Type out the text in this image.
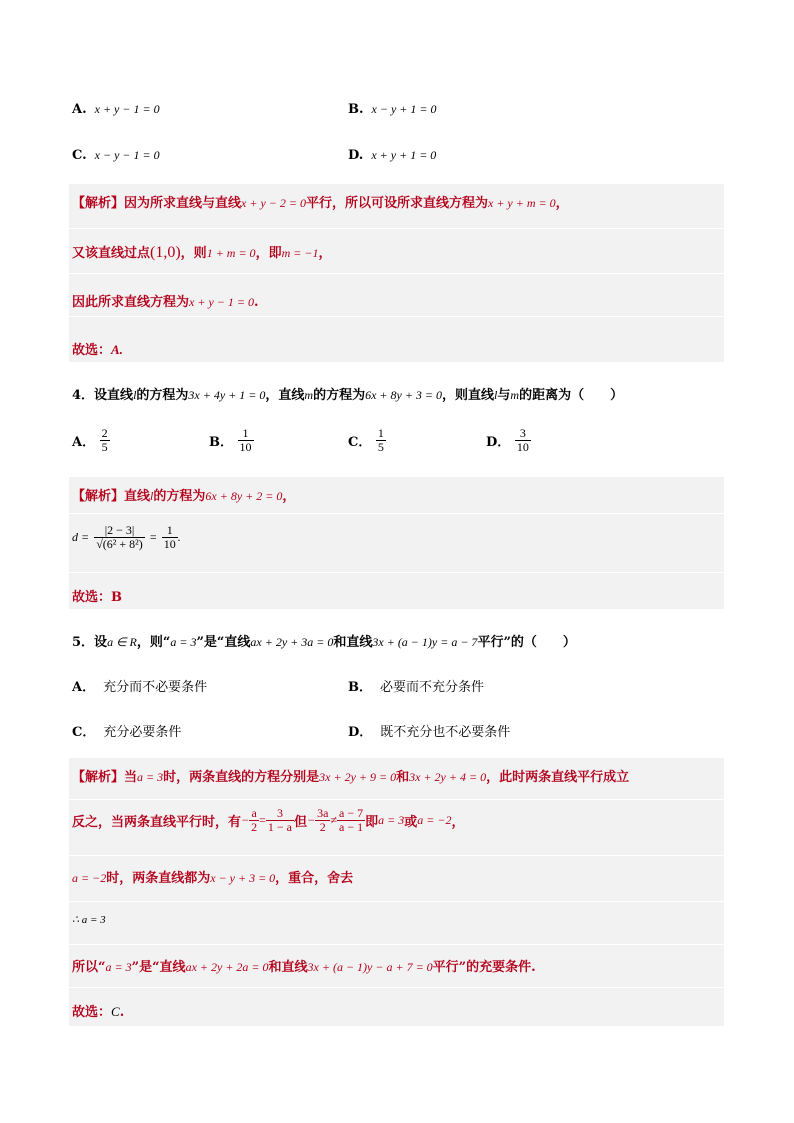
A. x + y − 1 = 0	B. x − y + 1 = 0
C. x − y − 1 = 0	D. x + y + 1 = 0
【解析】因为所求直线与直线x + y − 2 = 0平行，所以可设所求直线方程为x + y + m = 0，
又该直线过点(1,0)，则1 + m = 0，即m = −1，
因此所求直线方程为x + y − 1 = 0.
故选：A.
4．设直线l的方程为3x + 4y + 1 = 0，直线m的方程为6x + 8y + 3 = 0，则直线l与m的距离为（　　）
A． $\frac{2}{5}$	B． $\frac{1}{10}$	C． $\frac{1}{5}$	D． $\frac{3}{10}$
【解析】直线l的方程为6x + 8y + 2 = 0，
$d = \frac{|2 - 3|}{\text{√(6² + 8²)}} = \frac{1}{10}$ .
故选：B
5．设a ∈ R，则“a = 3”是“直线ax + 2y + 3a = 0和直线3x + (a − 1)y = a − 7平行”的（　　）
A． 充分而不必要条件	B． 必要而不充分条件
C． 充分必要条件	D． 既不充分也不必要条件
【解析】当a = 3时，两条直线的方程分别是3x + 2y + 9 = 0和3x + 2y + 4 = 0，此时两条直线平行成立
反之，当两条直线平行时，有− $\frac{a}{2} = \frac{3}{1 - a}$ 但− $\frac{3a}{2} \ne \frac{a - 7}{a - 1}$ 即a = 3或a = −2，
a = −2时，两条直线都为x − y + 3 = 0，重合，舍去
∴ a = 3
所以“a = 3”是“直线ax + 2y + 2a = 0和直线3x + (a − 1)y − a + 7 = 0平行”的充要条件.
故选：C.
